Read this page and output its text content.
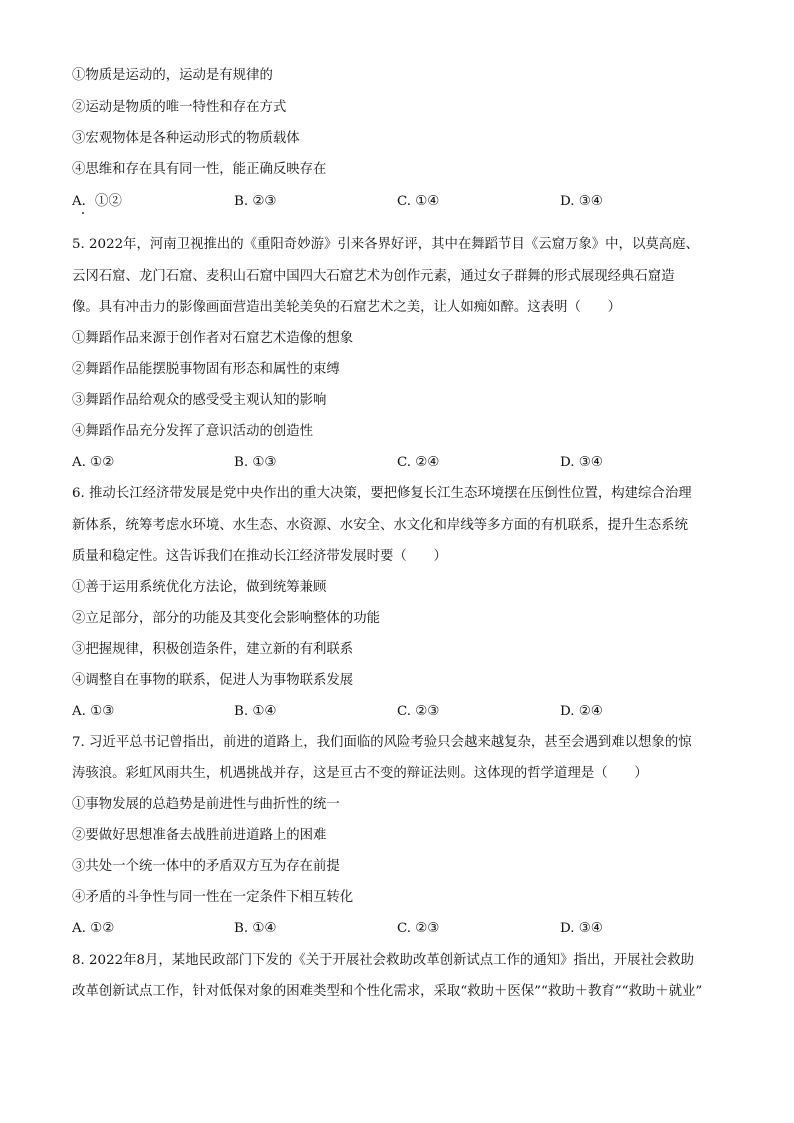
①物质是运动的，运动是有规律的
②运动是物质的唯一特性和存在方式
③宏观物体是各种运动形式的物质载体
④思维和存在具有同一性，能正确反映存在
A．①②	B. ②③	C. ①④	D. ③④
5. 2022年，河南卫视推出的《重阳奇妙游》引来各界好评，其中在舞蹈节目《云窟万象》中，以莫高庭、
云冈石窟、龙门石窟、麦积山石窟中国四大石窟艺术为创作元素，通过女子群舞的形式展现经典石窟造
像。具有冲击力的影像画面营造出美轮美奂的石窟艺术之美，让人如痴如醉。这表明（　　）
①舞蹈作品来源于创作者对石窟艺术造像的想象
②舞蹈作品能摆脱事物固有形态和属性的束缚
③舞蹈作品给观众的感受受主观认知的影响
④舞蹈作品充分发挥了意识活动的创造性
A. ①②	B. ①③	C. ②④	D. ③④
6. 推动长江经济带发展是党中央作出的重大决策，要把修复长江生态环境摆在压倒性位置，构建综合治理
新体系，统筹考虑水环境、水生态、水资源、水安全、水文化和岸线等多方面的有机联系，提升生态系统
质量和稳定性。这告诉我们在推动长江经济带发展时要（　　）
①善于运用系统优化方法论，做到统筹兼顾
②立足部分，部分的功能及其变化会影响整体的功能
③把握规律，积极创造条件，建立新的有利联系
④调整自在事物的联系，促进人为事物联系发展
A. ①③	B. ①④	C. ②③	D. ②④
7. 习近平总书记曾指出，前进的道路上，我们面临的风险考验只会越来越复杂，甚至会遇到难以想象的惊
涛骇浪。彩虹风雨共生，机遇挑战并存，这是亘古不变的辩证法则。这体现的哲学道理是（　　）
①事物发展的总趋势是前进性与曲折性的统一
②要做好思想准备去战胜前进道路上的困难
③共处一个统一体中的矛盾双方互为存在前提
④矛盾的斗争性与同一性在一定条件下相互转化
A. ①②	B. ①④	C. ②③	D. ③④
8. 2022年8月，某地民政部门下发的《关于开展社会救助改革创新试点工作的通知》指出，开展社会救助
改革创新试点工作，针对低保对象的困难类型和个性化需求，采取“救助＋医保”“救助＋教育”“救助＋就业”
